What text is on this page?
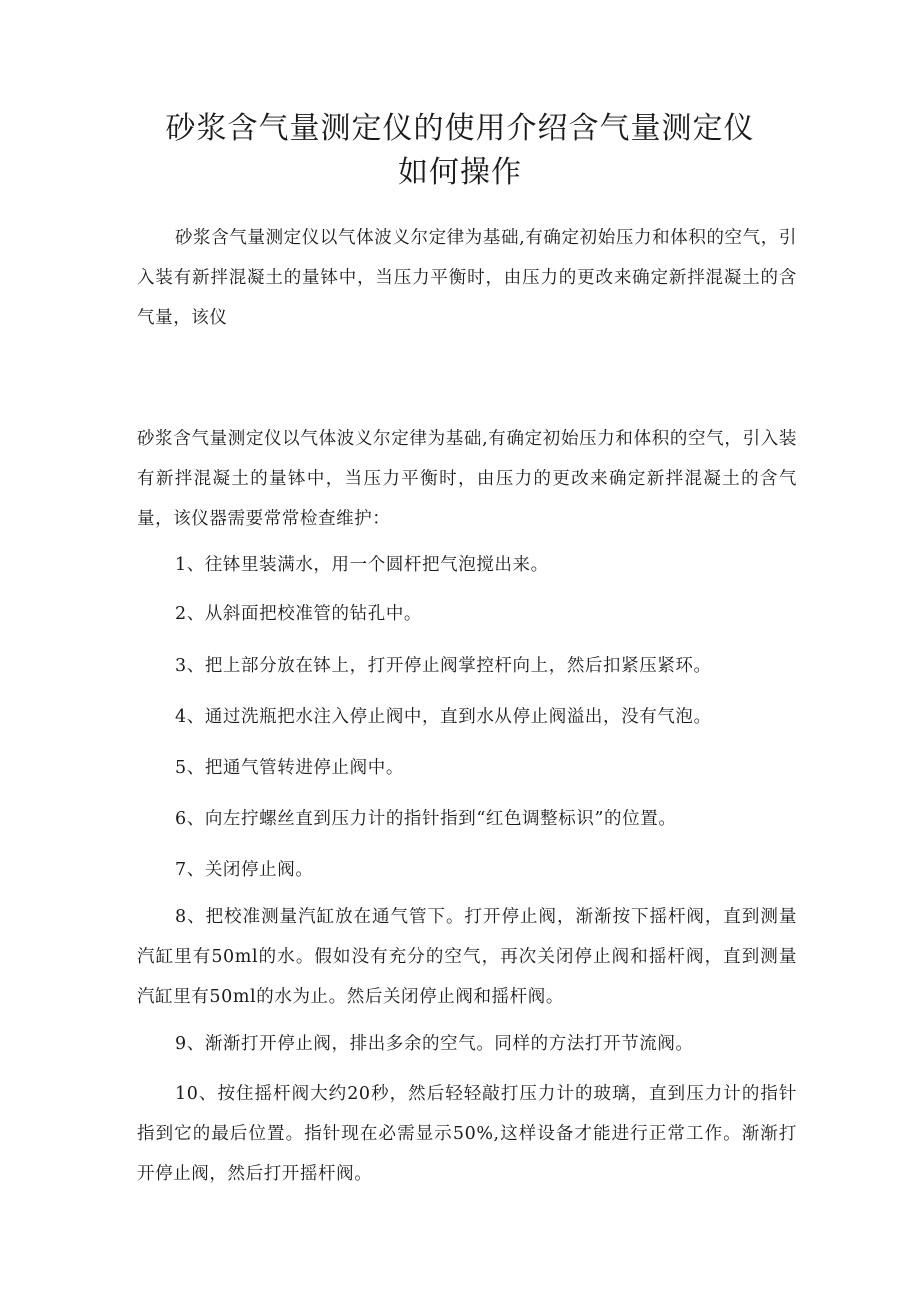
砂浆含气量测定仪的使用介绍含气量测定仪
如何操作

砂浆含气量测定仪以气体波义尔定律为基础,有确定初始压力和体积的空气，引入装有新拌混凝土的量钵中，当压力平衡时，由压力的更改来确定新拌混凝土的含气量，该仪

砂浆含气量测定仪以气体波义尔定律为基础,有确定初始压力和体积的空气，引入装有新拌混凝土的量钵中，当压力平衡时，由压力的更改来确定新拌混凝土的含气量，该仪器需要常常检查维护：

1、往钵里装满水，用一个圆杆把气泡搅出来。

2、从斜面把校准管的钻孔中。

3、把上部分放在钵上，打开停止阀掌控杆向上，然后扣紧压紧环。

4、通过洗瓶把水注入停止阀中，直到水从停止阀溢出，没有气泡。

5、把通气管转进停止阀中。

6、向左拧螺丝直到压力计的指针指到“红色调整标识”的位置。

7、关闭停止阀。

8、把校准测量汽缸放在通气管下。打开停止阀，渐渐按下摇杆阀，直到测量汽缸里有50ml的水。假如没有充分的空气，再次关闭停止阀和摇杆阀，直到测量汽缸里有50ml的水为止。然后关闭停止阀和摇杆阀。

9、渐渐打开停止阀，排出多余的空气。同样的方法打开节流阀。

10、按住摇杆阀大约20秒，然后轻轻敲打压力计的玻璃，直到压力计的指针指到它的最后位置。指针现在必需显示50%,这样设备才能进行正常工作。渐渐打开停止阀，然后打开摇杆阀。
